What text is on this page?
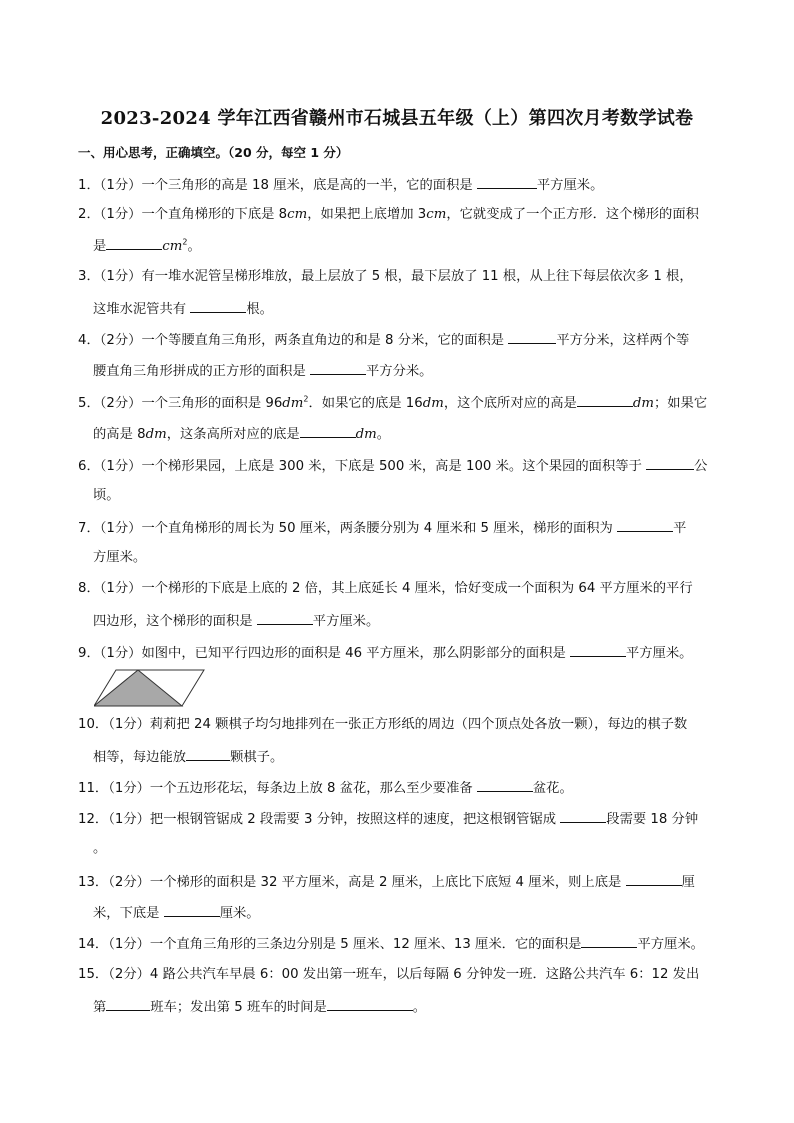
2023-2024 学年江西省赣州市石城县五年级（上）第四次月考数学试卷
一、用心思考，正确填空。（20 分，每空 1 分）
1．（1分）一个三角形的高是 18 厘米，底是高的一半，它的面积是	平方厘米。
2．（1分）一个直角梯形的下底是 8cm，如果把上底增加 3cm，它就变成了一个正方形．这个梯形的面积
是	$cm^2$。
3．（1分）有一堆水泥管呈梯形堆放，最上层放了 5 根，最下层放了 11 根，从上往下每层依次多 1 根，
这堆水泥管共有	根。
4．（2分）一个等腰直角三角形，两条直角边的和是 8 分米，它的面积是	平方分米，这样两个等
腰直角三角形拼成的正方形的面积是	平方分米。
5．（2分）一个三角形的面积是 $96dm^2$．如果它的底是 16dm，这个底所对应的高是	dm；如果它
的高是 8dm，这条高所对应的底是	dm。
6．（1分）一个梯形果园，上底是 300 米，下底是 500 米，高是 100 米。这个果园的面积等于	公
顷。
7．（1分）一个直角梯形的周长为 50 厘米，两条腰分别为 4 厘米和 5 厘米，梯形的面积为	平
方厘米。
8．（1分）一个梯形的下底是上底的 2 倍，其上底延长 4 厘米，恰好变成一个面积为 64 平方厘米的平行
四边形，这个梯形的面积是	平方厘米。
9．（1分）如图中，已知平行四边形的面积是 46 平方厘米，那么阴影部分的面积是	平方厘米。
10．（1分）莉莉把 24 颗棋子均匀地排列在一张正方形纸的周边（四个顶点处各放一颗），每边的棋子数
相等，每边能放	颗棋子。
11．（1分）一个五边形花坛，每条边上放 8 盆花，那么至少要准备	盆花。
12．（1分）把一根钢管锯成 2 段需要 3 分钟，按照这样的速度，把这根钢管锯成	段需要 18 分钟
。
13．（2分）一个梯形的面积是 32 平方厘米，高是 2 厘米，上底比下底短 4 厘米，则上底是	厘
米，下底是	厘米。
14．（1分）一个直角三角形的三条边分别是 5 厘米、12 厘米、13 厘米．它的面积是	平方厘米。
15．（2分）4 路公共汽车早晨 6：00 发出第一班车，以后每隔 6 分钟发一班．这路公共汽车 6：12 发出
第	班车；发出第 5 班车的时间是	。
